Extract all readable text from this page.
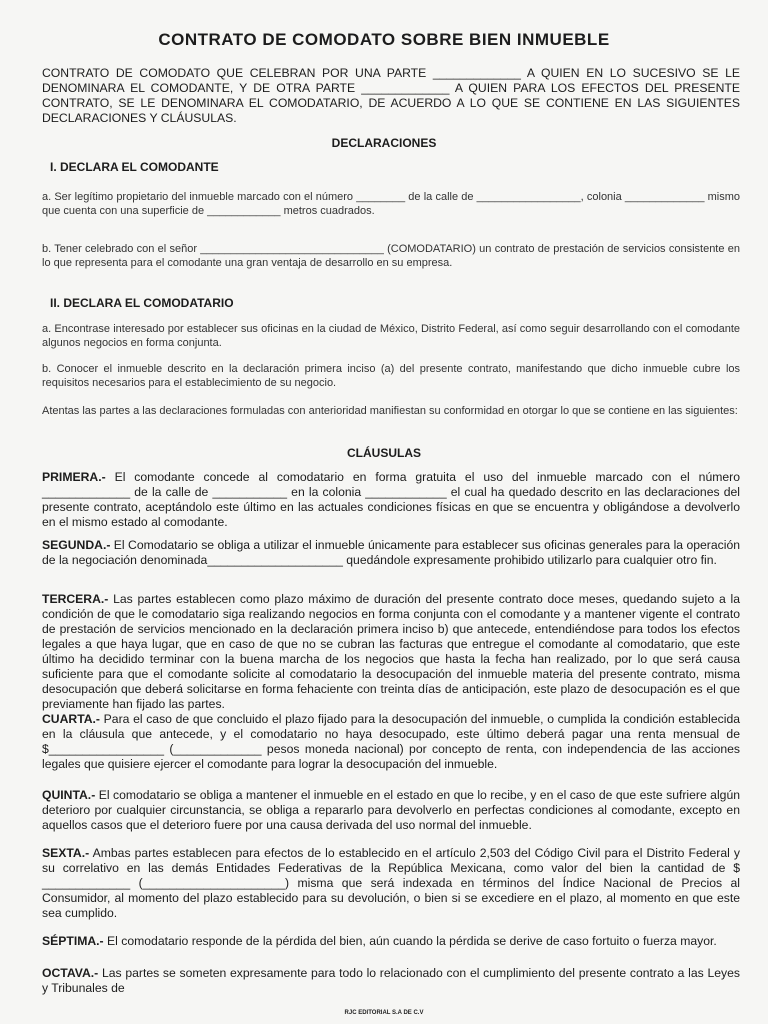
CONTRATO DE COMODATO SOBRE BIEN INMUEBLE
CONTRATO DE COMODATO QUE CELEBRAN POR UNA PARTE _____________ A QUIEN EN LO SUCESIVO SE LE DENOMINARA EL COMODANTE, Y DE OTRA PARTE _____________ A QUIEN PARA LOS EFECTOS DEL PRESENTE CONTRATO, SE LE DENOMINARA EL COMODATARIO, DE ACUERDO A LO QUE SE CONTIENE EN LAS SIGUIENTES DECLARACIONES Y CLÁUSULAS.
DECLARACIONES
I. DECLARA EL COMODANTE
a. Ser legítimo propietario del inmueble marcado con el número ________ de la calle de _________________, colonia _____________ mismo que cuenta con una superficie de ____________ metros cuadrados.
b. Tener celebrado con el señor ______________________________ (COMODATARIO) un contrato de prestación de servicios consistente en lo que representa para el comodante una gran ventaja de desarrollo en su empresa.
II. DECLARA EL COMODATARIO
a. Encontrase interesado por establecer sus oficinas en la ciudad de México, Distrito Federal, así como seguir desarrollando con el comodante algunos negocios en forma conjunta.
b. Conocer el inmueble descrito en la declaración primera inciso (a) del presente contrato, manifestando que dicho inmueble cubre los requisitos necesarios para el establecimiento de su negocio.
Atentas las partes a las declaraciones formuladas con anterioridad manifiestan su conformidad en otorgar lo que se contiene en las siguientes:
CLÁUSULAS
PRIMERA.- El comodante concede al comodatario en forma gratuita el uso del inmueble marcado con el número _____________ de la calle de ___________ en la colonia ____________ el cual ha quedado descrito en las declaraciones del presente contrato, aceptándolo este último en las actuales condiciones físicas en que se encuentra y obligándose a devolverlo en el mismo estado al comodante.
SEGUNDA.- El Comodatario se obliga a utilizar el inmueble únicamente para establecer sus oficinas generales para la operación de la negociación denominada____________________ quedándole expresamente prohibido utilizarlo para cualquier otro fin.
TERCERA.- Las partes establecen como plazo máximo de duración del presente contrato doce meses, quedando sujeto a la condición de que le comodatario siga realizando negocios en forma conjunta con el comodante y a mantener vigente el contrato de prestación de servicios mencionado en la declaración primera inciso b) que antecede, entendiéndose para todos los efectos legales a que haya lugar, que en caso de que no se cubran las facturas que entregue el comodante al comodatario, que este último ha decidido terminar con la buena marcha de los negocios que hasta la fecha han realizado, por lo que será causa suficiente para que el comodante solicite al comodatario la desocupación del inmueble materia del presente contrato, misma desocupación que deberá solicitarse en forma fehaciente con treinta días de anticipación, este plazo de desocupación es el que previamente han fijado las partes.
CUARTA.- Para el caso de que concluido el plazo fijado para la desocupación del inmueble, o cumplida la condición establecida en la cláusula que antecede, y el comodatario no haya desocupado, este último deberá pagar una renta mensual de $_________________ (_____________ pesos moneda nacional) por concepto de renta, con independencia de las acciones legales que quisiere ejercer el comodante para lograr la desocupación del inmueble.
QUINTA.- El comodatario se obliga a mantener el inmueble en el estado en que lo recibe, y en el caso de que este sufriere algún deterioro por cualquier circunstancia, se obliga a repararlo para devolverlo en perfectas condiciones al comodante, excepto en aquellos casos que el deterioro fuere por una causa derivada del uso normal del inmueble.
SEXTA.- Ambas partes establecen para efectos de lo establecido en el artículo 2,503 del Código Civil para el Distrito Federal y su correlativo en las demás Entidades Federativas de la República Mexicana, como valor del bien la cantidad de $ _____________ (_____________________) misma que será indexada en términos del Índice Nacional de Precios al Consumidor, al momento del plazo establecido para su devolución, o bien si se excediere en el plazo, al momento en que este sea cumplido.
SÉPTIMA.- El comodatario responde de la pérdida del bien, aún cuando la pérdida se derive de caso fortuito o fuerza mayor.
OCTAVA.- Las partes se someten expresamente para todo lo relacionado con el cumplimiento del presente contrato a las Leyes y Tribunales de
RJC EDITORIAL S.A DE C.V
